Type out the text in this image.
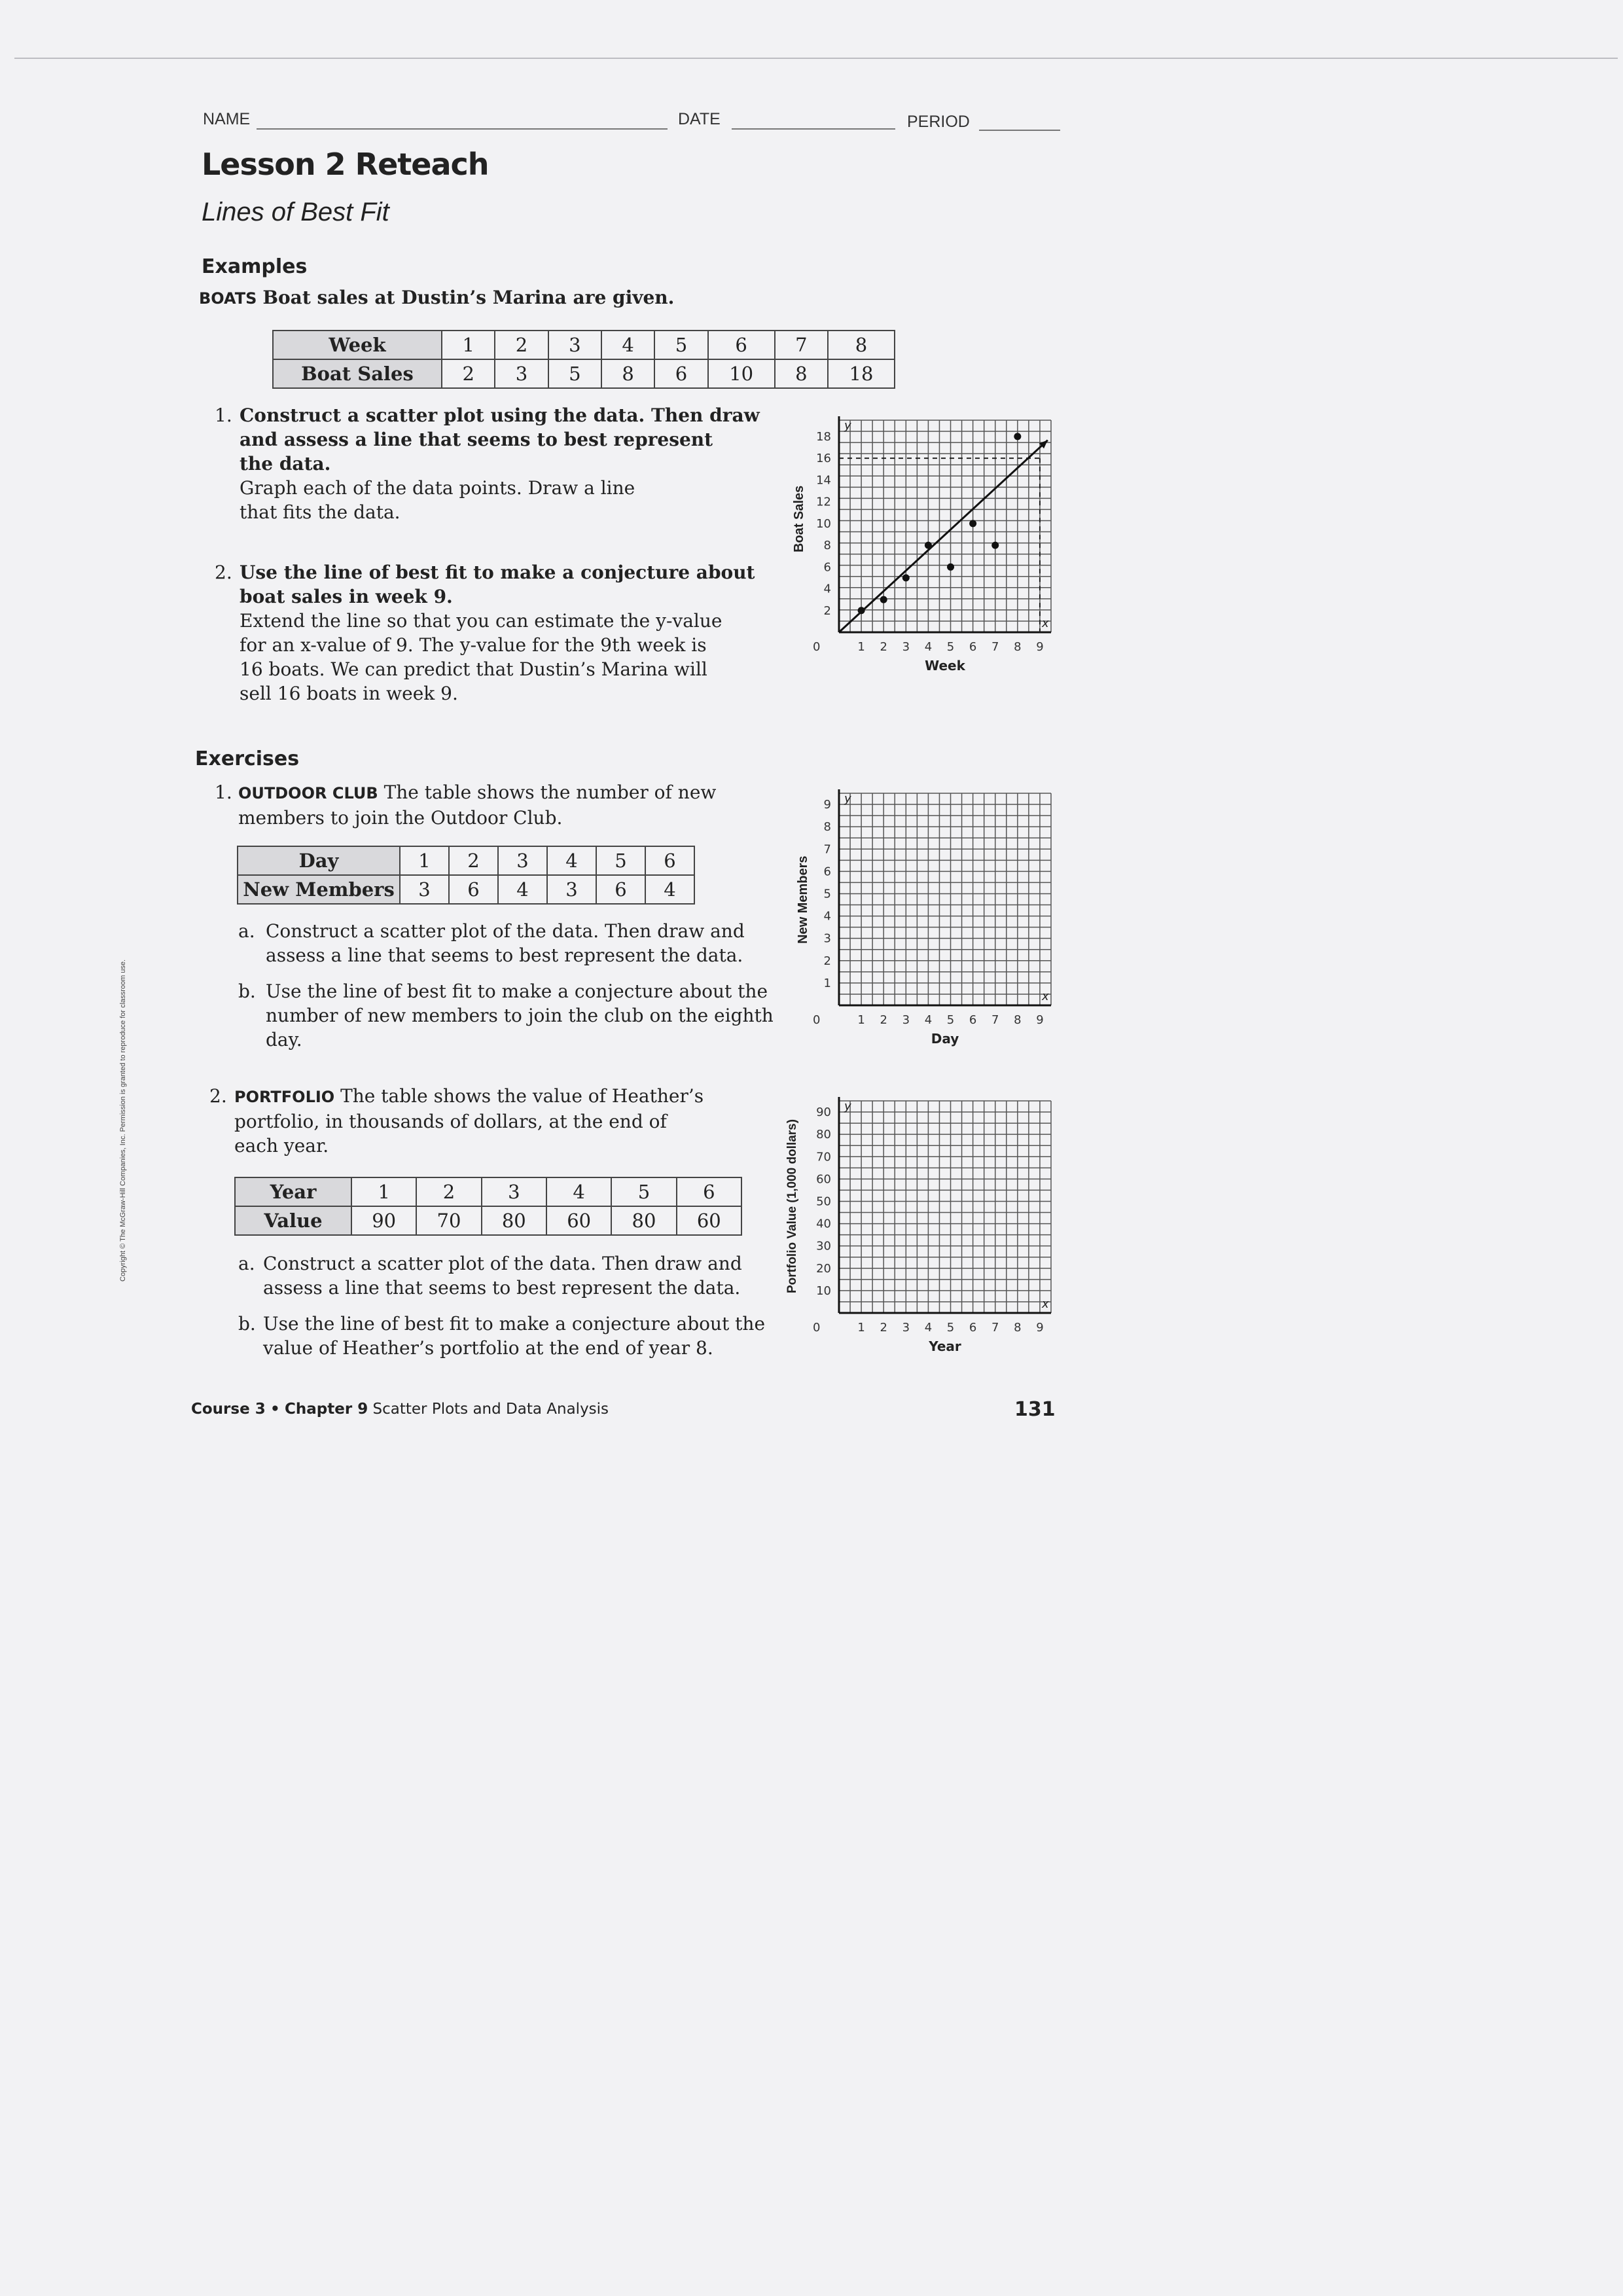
NAME	DATE	PERIOD
Lesson 2 Reteach
Lines of Best Fit
Examples
BOATS Boat sales at Dustin’s Marina are given.
Week	1	2	3	4	5	6	7	8
Boat Sales	2	3	5	8	6	10	8	18
1. Construct a scatter plot using the data. Then draw
and assess a line that seems to best represent
the data.
Graph each of the data points. Draw a line
that fits the data.
2. Use the line of best fit to make a conjecture about
boat sales in week 9.
Extend the line so that you can estimate the y-value
for an x-value of 9. The y-value for the 9th week is
16 boats. We can predict that Dustin’s Marina will
sell 16 boats in week 9.
1 2 3 4 5 6 7 8 9
2
4
6
8
10
12
14
16
18
0
y
x
Week
Boat Sales
Exercises
1. OUTDOOR CLUB The table shows the number of new
members to join the Outdoor Club.
Day	1	2	3	4	5	6
New Members	3	6	4	3	6	4
a. Construct a scatter plot of the data. Then draw and
assess a line that seems to best represent the data.
b. Use the line of best fit to make a conjecture about the
number of new members to join the club on the eighth
day.
1 2 3 4 5 6 7 8 9
1
2
3
4
5
6
7
8
9
0
y
x
Day
New Members
2. PORTFOLIO The table shows the value of Heather’s
portfolio, in thousands of dollars, at the end of
each year.
Year	1	2	3	4	5	6
Value	90	70	80	60	80	60
a. Construct a scatter plot of the data. Then draw and
assess a line that seems to best represent the data.
b. Use the line of best fit to make a conjecture about the
value of Heather’s portfolio at the end of year 8.
1 2 3 4 5 6 7 8 9
10
20
30
40
50
60
70
80
90
0
y
x
Year
Portfolio Value (1,000 dollars)
Copyright © The McGraw-Hill Companies, Inc. Permission is granted to reproduce for classroom use.
Course 3 • Chapter 9 Scatter Plots and Data Analysis	131
